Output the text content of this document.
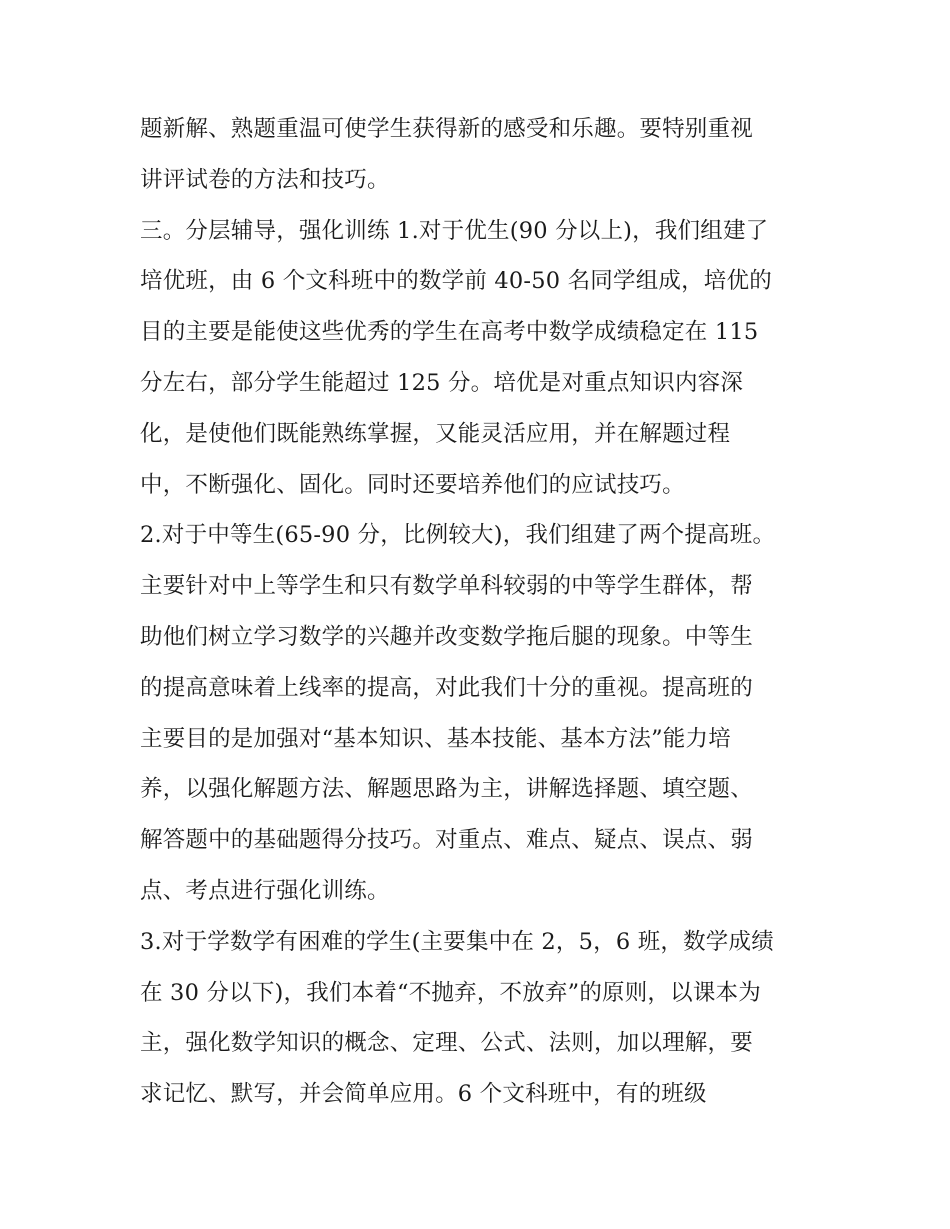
题新解、熟题重温可使学生获得新的感受和乐趣。要特别重视
讲评试卷的方法和技巧。
三。分层辅导，强化训练 1.对于优生(90 分以上)，我们组建了
培优班，由 6 个文科班中的数学前 40-50 名同学组成，培优的
目的主要是能使这些优秀的学生在高考中数学成绩稳定在 115
分左右，部分学生能超过 125 分。培优是对重点知识内容深
化，是使他们既能熟练掌握，又能灵活应用，并在解题过程
中，不断强化、固化。同时还要培养他们的应试技巧。
2.对于中等生(65-90 分，比例较大)，我们组建了两个提高班。
主要针对中上等学生和只有数学单科较弱的中等学生群体，帮
助他们树立学习数学的兴趣并改变数学拖后腿的现象。中等生
的提高意味着上线率的提高，对此我们十分的重视。提高班的
主要目的是加强对“基本知识、基本技能、基本方法”能力培
养，以强化解题方法、解题思路为主，讲解选择题、填空题、
解答题中的基础题得分技巧。对重点、难点、疑点、误点、弱
点、考点进行强化训练。
3.对于学数学有困难的学生(主要集中在 2，5，6 班，数学成绩
在 30 分以下)，我们本着“不抛弃，不放弃”的原则，以课本为
主，强化数学知识的概念、定理、公式、法则，加以理解，要
求记忆、默写，并会简单应用。6 个文科班中，有的班级
